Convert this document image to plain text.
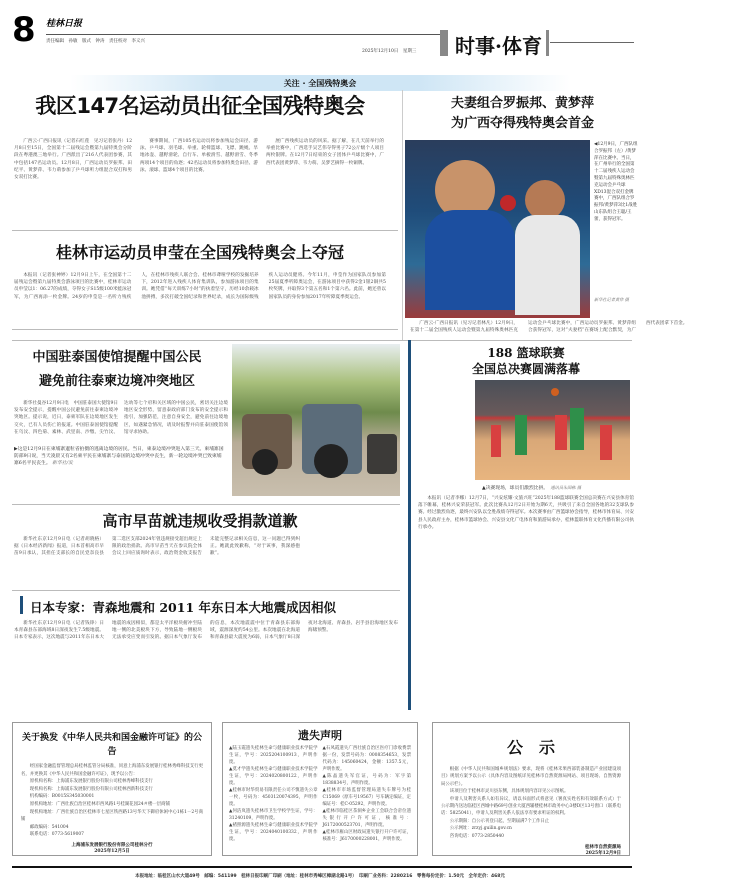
8 桂林日报
责任编辑　孙敏　版式　钟涛　责任校对　李义兴
2025年12月10日　星期三 时事·体育
关注 · 全国残特奥会
我区147名运动员出征全国残特奥会

广西云-广西日报讯（记者石红莲　见习记者张丹）12月8日至15日，全国第十二届残运会暨第九届特奥会分阶段在粤港澳三地举行。广西派出了216人代表团参赛，其中包括147名运动员。12月8日，广西运动员罗振邦、田纪平、黄梦萍、韦力萌参加了乒乓球听力组混合双打和男女双打比赛。

赛事期间，广西105名运动员将参加残运会田径、游泳、乒乓球、羽毛球、举重、轮椅篮球、飞镖、跳绳、旱地冰壶、越野滑轮、自行车、单板滑雪、越野滑雪、冬季两项14个项目的角逐；42名运动员将参加特奥会田径、游泳、滚球、篮球4个项目的比赛。

展广西残疾运动员的风采。据了解，在几天前举行的举重比赛中，广西选手吴艺伟夺得男子72公斤级个人项目两枚银牌。在12月7日结束的女子团体乒乓球比赛中，广西代表团黄梦萍、韦力萌、吴梦艺摘得一枚铜牌。

桂林市运动员申莹在全国残特奥会上夺冠

本报讯（记者张神婷）12月9日上午，在全国第十二届残运会暨第九届特奥会游泳项目的比赛中，桂林市运动员申莹以1：06.27的成绩，夺得女子S15级100米蛙泳冠军，为广西再添一枚金牌。24岁的申莹是一名听力残疾人，在桂林市残疾人联合会、桂林市聋哑学校的发掘培养下，2012年进入残疾人体育集训队，参加游泳项目的集训。她凭借“每天训练7小时”的执着坚守，历经10余载冰池拼搏，多次打破全国纪录和世界纪录，成长为国际级残疾人运动员健将。今年11月，申莹作为国家队员参加第25届夏季听障奥运会，在游泳项目中获得2金1银2铜共5枚奖牌，并取得3个第五名和1个第六名。此前，她还曾以国家队员的身份参加2017年听障夏季奥运会。

夫妻组合罗振邦、黄梦萍
为广西夺得残特奥会首金
◀12月9日，广西队组合罗振邦（左）/黄梦萍在比赛中。当日，在广州举行的全国第十二届残疾人运动会暨第九届特殊奥林匹克运动会乒乓球XD13混合双打金牌赛中，广西队组合罗振邦/黄梦萍3比1战胜山东队组合王聪/王蕾，获得冠军。
新华社记者黄伟 摄

广西云-广西日报讯（见习记者林凡）12月9日，在第十二届全国残疾人运动会暨第九届特殊奥林匹克运动会乒乓球比赛中，广西运动员罗振邦、黄梦萍组合获得冠军，这对“夫妻档”在赛场上配合默契，为广西代表团拿下首金。

中国驻泰国使馆提醒中国公民
避免前往泰柬边境冲突地区

新华社曼谷12月9日电　中国驻泰国大使馆9日发布安全提示，提醒中国公民避免前往泰柬边境冲突地区。提示说，近日，泰柬军队在边境地区发生交火，已有人员伤亡的报道。中国驻泰国使馆提醒在乌汶、四色菊、素林、武里南、沙缴、尖竹汶、达叻等七个府和关区域的中国公民，密切关注边境地区安全形势，留意泰政府部门发布的安全提示和指引，加强防范，注意自身安全，避免前往边境地区，如遇紧急情况，请及时报警并向驻泰国使馆领馆寻求协助。

▶这是12月9日在柬埔寨暹粒省拍摄的逃离边境的居民。当日，柬泰边境冲突进入第三天。柬埔寨国防部9日说，当天凌晨又有2名柬平民在柬埔寨与泰国的边境冲突中丧生，新一轮边境冲突已致柬埔寨6名平民丧生。 新华社/发
高市早苗就违规收受捐款道歉

新华社东京12月9日电（记者胡晓格）据《日本经济新闻》报道，日本首相高市早苗9日承认，其担任支部长的自民党奈良县第二选区支部2024年曾违规接受超出规定上限的政治捐款。高市早苗当天在参议院全体会议上回应质询时表示，政治资金收支报告未能完整记录相关信息，这一问题已得到纠正。她就此致歉称，“对于该事，我深感抱歉”。

日本专家：青森地震和 2011 年东日本大地震成因相似

新华社东京12月9日电（记者钱铮）日本青森县东部海域8日深夜发生7.5级地震。日本专家表示，这次地震与2011年东日本大地震的成因相似，都是太平洋板块俯冲至陆地一侧的北美板块下方，导致陆地一侧板块无法承受应变而引发的。据日本气象厅发布的信息，本次地震震中位于青森县东部海域，震源深度约54公里。本次地震在北海道和青森县最大震度为6弱，日本气象厅8日深夜对北海道、青森县、岩手县沿海地区发布海啸预警。

188 篮球联赛
全国总决赛圆满落幕
▲决赛现场，球员们激烈比拼。　 通讯员朱国栋 摄

本报讯（记者李娜）12月7日，“兴安炫耀·文旅兴旺”2025年188篮球联赛全国总决赛在兴安县体育馆落下帷幕，桂林兴安荣获冠军。此次比赛从12月2日开始为期6天，共吸引了来自全国各地的32支球队参赛。经过激烈角逐，最终兴安队以全胜战绩夺得冠军。本次赛事由广西篮球协会指导，桂林市体育局、兴安县人民政府主办，桂林市篮球协会、兴安县文化广电体育和旅游局承办，桂林篮联体育文化传播有限公司执行承办。

关于换发《中华人民共和国金融许可证》的公告

经国家金融监督管理总局桂林监管分局核准，同意上海浦东发展银行桂林秀峰科技支行更名，并更换其《中华人民共和国金融许可证》，现予以公告：

原机构名称：上海浦东发展银行股份有限公司桂林秀峰科技支行

现机构名称：上海浦东发展银行股份有限公司桂林西新科技支行

机构编码：B0015S345030001

原机构地址：广西壮族自治区桂林市西凤路1号桂湖花园24＃楼一层商铺

现机构地址：广西壮族自治区桂林市七星区铁西路13号华天下御府休闲中心1栋1－2号商铺

邮政编码：541004

联系电话：0773-5619007

上海浦东发展银行股份有限公司桂林分行
2025年12月5日
遗失声明
▲陆玉霞遗失桂林生命与健康职业技术学院学生证，学号：2025204100913，声明作废。
▲莫才学遗失桂林生命与健康职业技术学院学生证，学号：2024020800122，声明作废。
▲桂林市时华贸易有限责任公司不慎遗失公章一枚，号码为：4503120074395，声明作废。
▲何洁岚遗失桂林市卫生学校学生证，学号：31240109，声明作废。
▲褚照源遗失桂林生命与健康职业技术学院学生证，学号：2024040100332，声明作废。
▲石凤霞遗失广西壮族自治区医疗门诊收费票据一份，发票号码为：0008354653，发票代码为：145060424，金额：1357.5元，声明作废。
▲陈晶遗失军官证，号码为：军字第1838834号，声明作废。
▲桂林市市场监督管理局遗失车牌号为桂C15069（原车号19567）号车辆定编证，定编证号：桂C-05292，声明作废。
▲桂林市临桂区茶洞乡企业工会联合会帝位遗失银行开户许可证，核准号：J6172000523701，声明作废。
▲桂林市雁山区财政局遗失银行开户许可证，核准号：J6170000228001，声明作废。
公　示

根据《中华人民共和国城乡规划法》要求，现将《桂林禾果西部装备制造产业园建设项目》规划方案予以公示（具体内容及图纸详见桂林市自然资源局网站、项目现场、自然资源局公示栏）。

该项目位于桂林市灵川县东侧，具体规划内容详见公示图纸。

申请人及利害关系人如有异议，请以书面形式将意见（署真实姓名和有效联系方式）于公示期内送达临桂区西城中路69号创业大厦西辅楼桂林市政务中心3楼D区13号窗口（联系电话：5825041），申请人及利害关系人依法享有要求听证的权利。

公示期限：自公示刊登日起，至期届满7个工作日止

公示网址：zrzyj.guilin.gov.cn

咨询电话：0773-2850440

桂林市自然资源局
2025年12月9日
本报地址：临桂区山水大道49号　邮编：541199　桂林日报印刷厂印刷（地址：桂林市秀峰区樟湖北路1号）　印刷厂业务科：2280216　零售每份定价：1.50元　全年定价：468元
